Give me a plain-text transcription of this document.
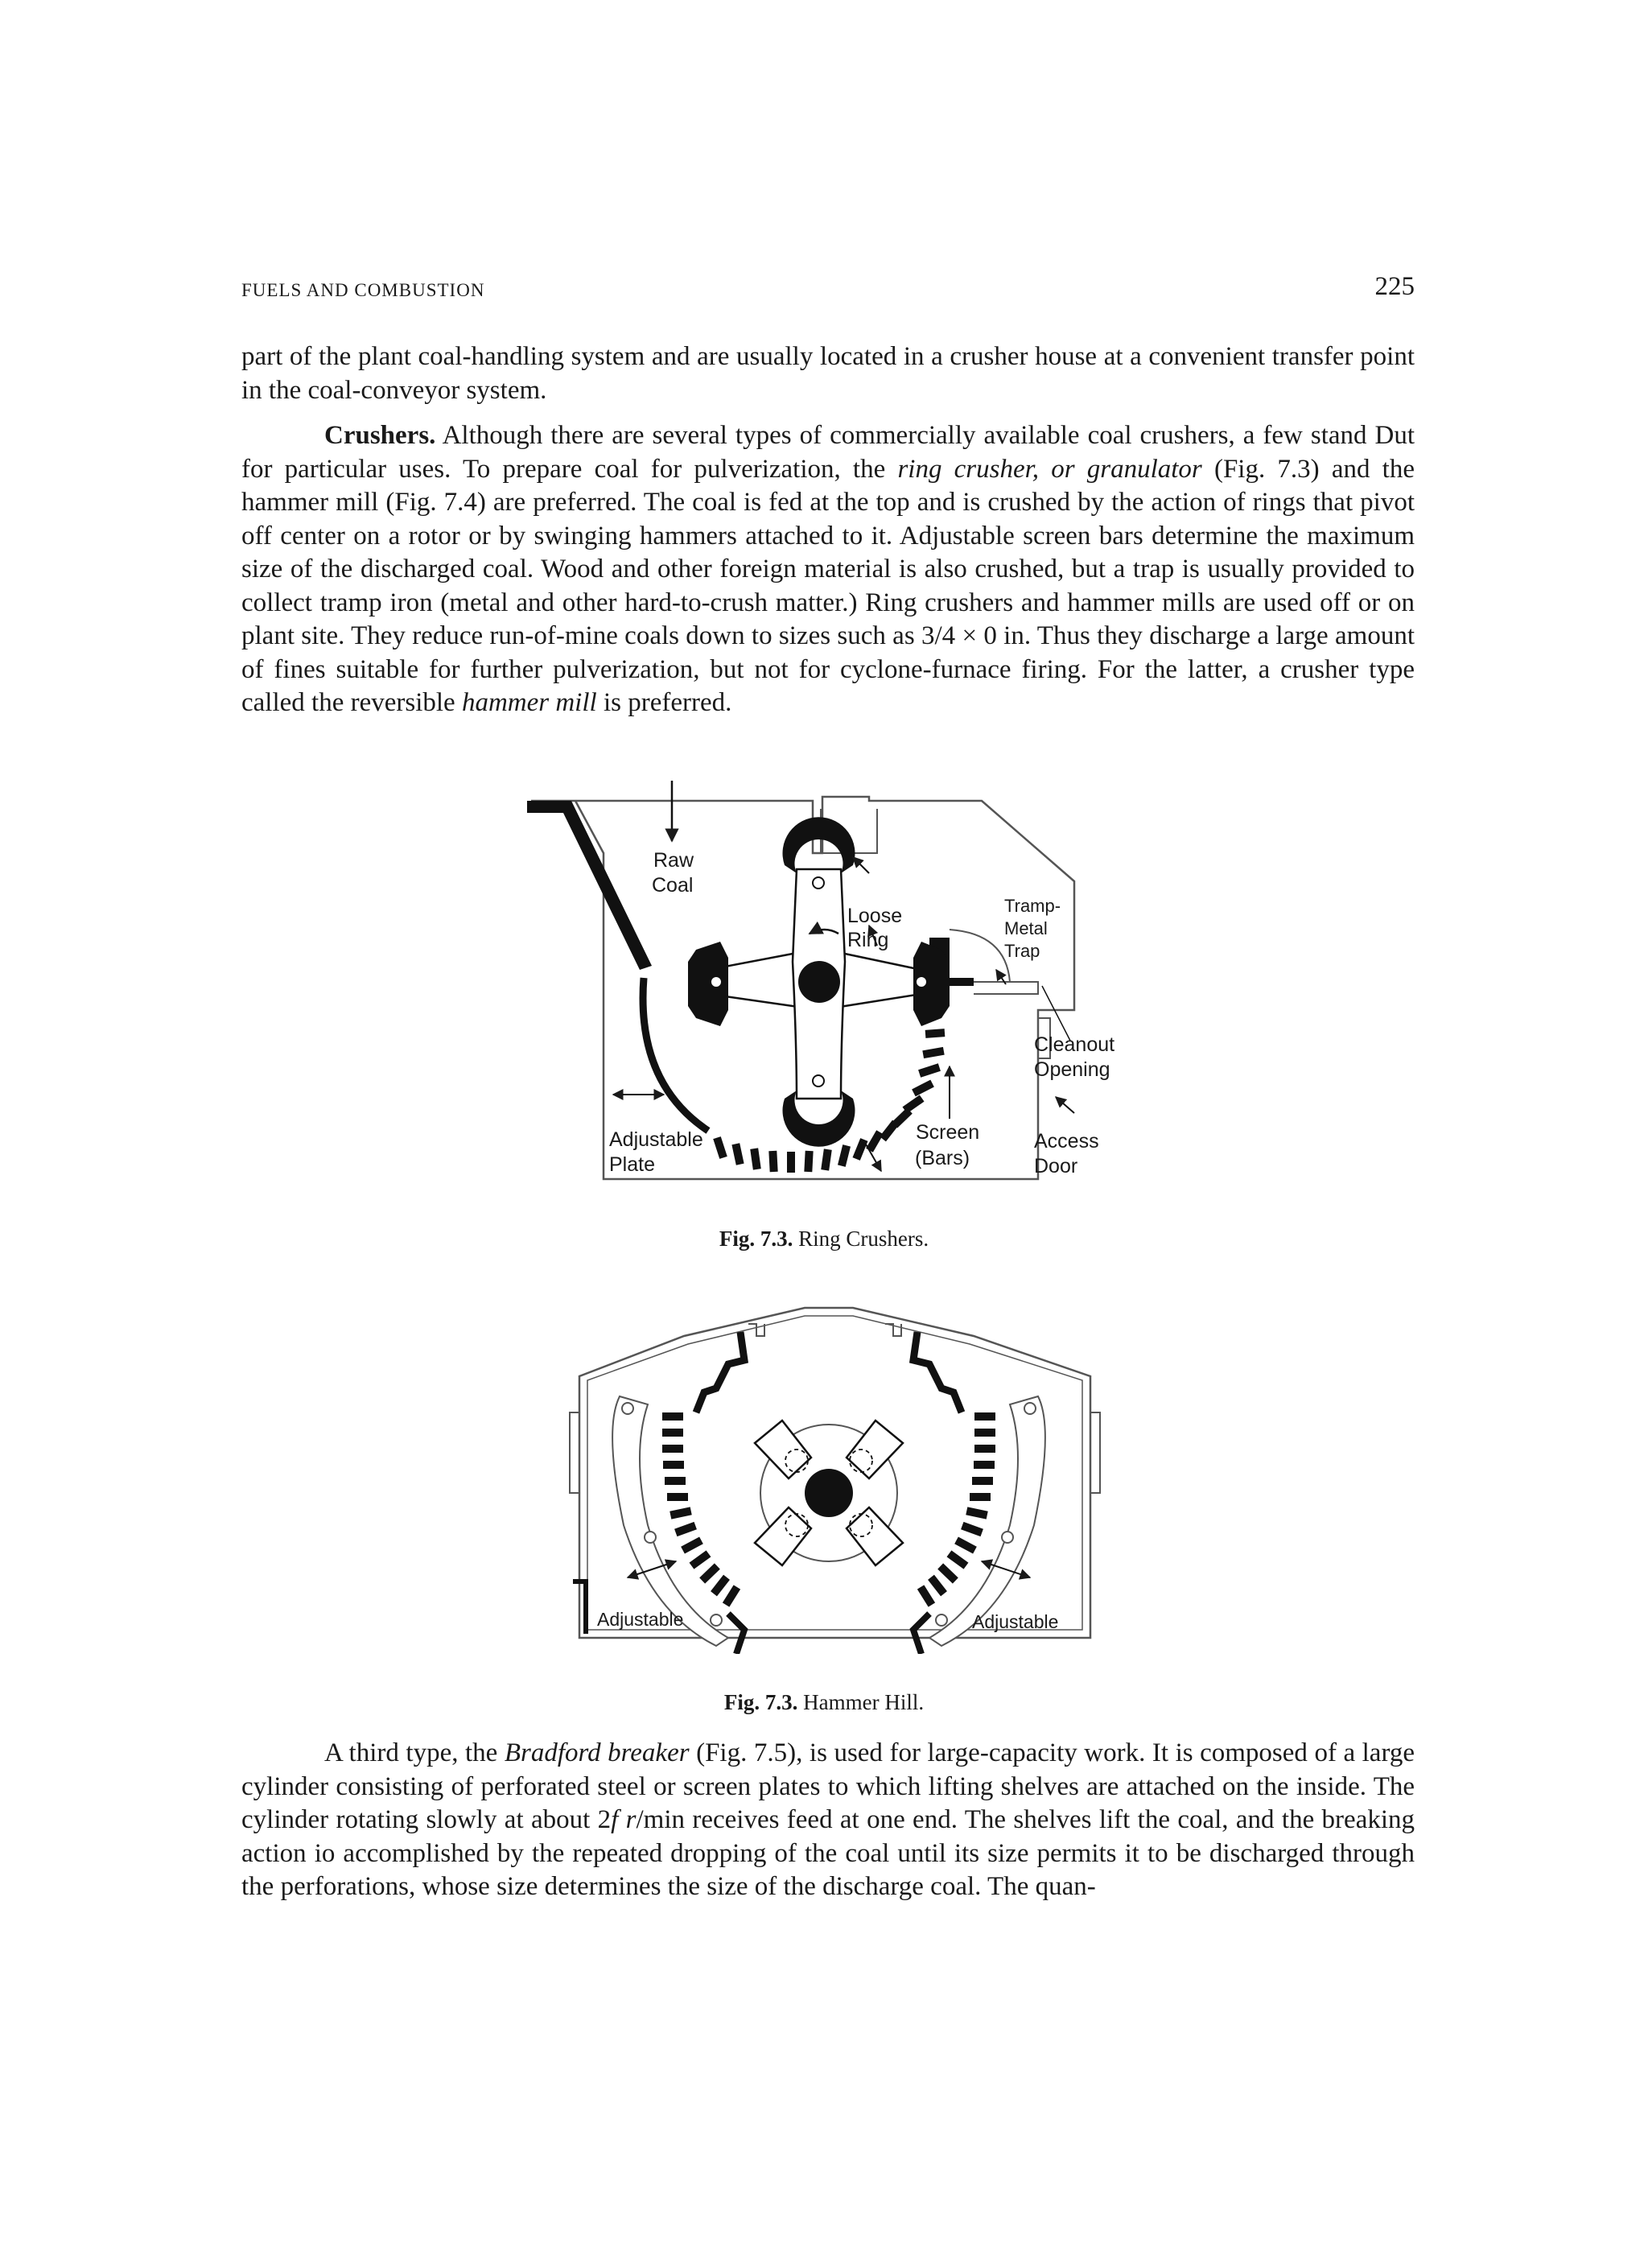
FUELS AND COMBUSTION	225
part of the plant coal-handling system and are usually located in a crusher house at a convenient transfer point in the coal-conveyor system.
Crushers. Although there are several types of commercially available coal crushers, a few stand Dut for particular uses. To prepare coal for pulverization, the ring crusher, or granulator (Fig. 7.3) and the hammer mill (Fig. 7.4) are preferred. The coal is fed at the top and is crushed by the action of rings that pivot off center on a rotor or by swinging hammers attached to it. Adjustable screen bars determine the maximum size of the discharged coal. Wood and other foreign material is also crushed, but a trap is usually provided to collect tramp iron (metal and other hard-to-crush matter.) Ring crushers and hammer mills are used off or on plant site. They reduce run-of-mine coals down to sizes such as 3/4 × 0 in. Thus they discharge a large amount of fines suitable for further pulverization, but not for cyclone-furnace firing. For the latter, a crusher type called the reversible hammer mill is preferred.
Raw
Coal
Loose
Ring
Tramp-
Metal
Trap
Cleanout
Opening
Adjustable
Plate
Screen
(Bars)
Access
Door
Fig. 7.3. Ring Crushers.
Adjustable	Adjustable
Fig. 7.3. Hammer Hill.
A third type, the Bradford breaker (Fig. 7.5), is used for large-capacity work. It is composed of a large cylinder consisting of perforated steel or screen plates to which lifting shelves are attached on the inside. The cylinder rotating slowly at about 2f r/min receives feed at one end. The shelves lift the coal, and the breaking action io accomplished by the repeated dropping of the coal until its size permits it to be discharged through the perforations, whose size determines the size of the discharge coal. The quan-
